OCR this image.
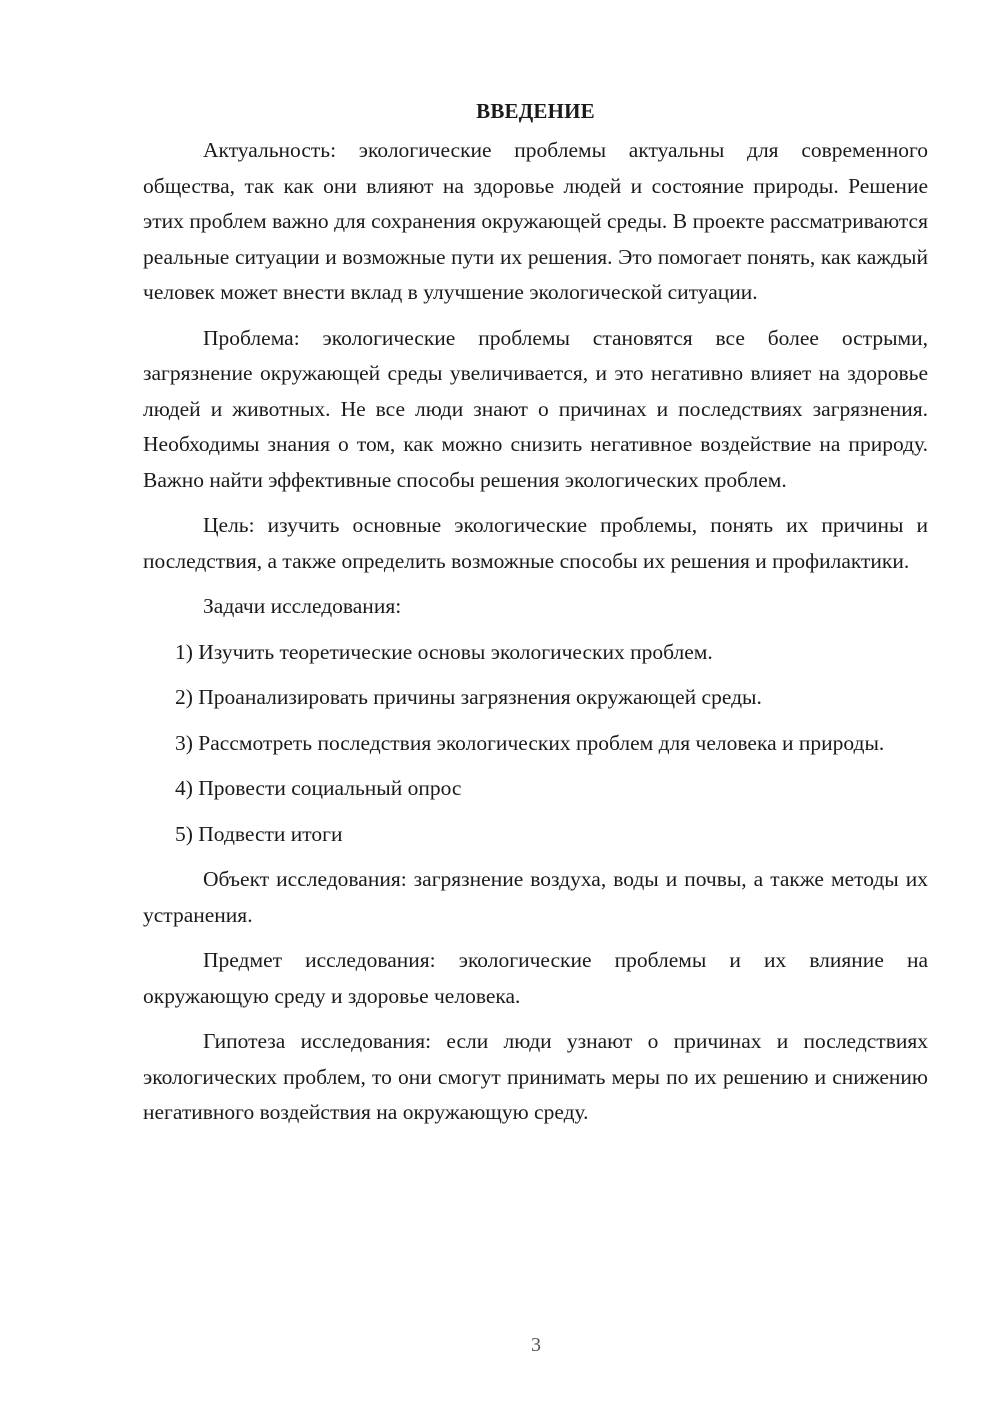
ВВЕДЕНИЕ

Актуальность: экологические проблемы актуальны для современного общества, так как они влияют на здоровье людей и состояние природы. Решение этих проблем важно для сохранения окружающей среды. В проекте рассматриваются реальные ситуации и возможные пути их решения. Это помогает понять, как каждый человек может внести вклад в улучшение экологической ситуации.

Проблема: экологические проблемы становятся все более острыми, загрязнение окружающей среды увеличивается, и это негативно влияет на здоровье людей и животных. Не все люди знают о причинах и последствиях загрязнения. Необходимы знания о том, как можно снизить негативное воздействие на природу. Важно найти эффективные способы решения экологических проблем.

Цель: изучить основные экологические проблемы, понять их причины и последствия, а также определить возможные способы их решения и профилактики.

Задачи исследования:

1) Изучить теоретические основы экологических проблем.

2) Проанализировать причины загрязнения окружающей среды.

3) Рассмотреть последствия экологических проблем для человека и природы.

4) Провести социальный опрос

5) Подвести итоги

Объект исследования: загрязнение воздуха, воды и почвы, а также методы их устранения.

Предмет исследования: экологические проблемы и их влияние на окружающую среду и здоровье человека.

Гипотеза исследования: если люди узнают о причинах и последствиях экологических проблем, то они смогут принимать меры по их решению и снижению негативного воздействия на окружающую среду.

3
